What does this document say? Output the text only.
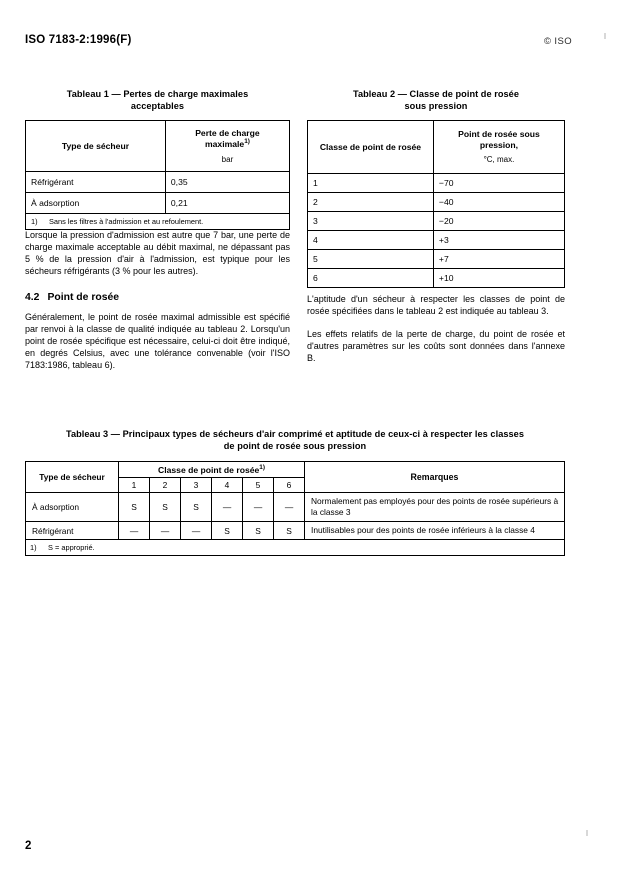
ISO 7183-2:1996(F)	© ISO
Tableau 1 — Pertes de charge maximales
acceptables
Type de sécheur	Perte de charge
maximale$^{1)}$
bar

Réfrigérant	0,35
À adsorption	0,21
1) Sans les filtres à l'admission et au refoulement.	
Tableau 2 — Classe de point de rosée
sous pression
Classe de point de rosée	Point de rosée sous
pression,
°C, max.

1	−70
2	−40
3	−20
4	+3
5	+7
6	+10

Lorsque la pression d'admission est autre que 7 bar, une perte de charge maximale acceptable au débit maximal, ne dépassant pas 5 % de la pression d'air à l'admission, est typique pour les sécheurs réfrigérants (3 % pour les autres).

4.2 Point de rosée

Généralement, le point de rosée maximal admissible est spécifié par renvoi à la classe de qualité indiquée au tableau 2. Lorsqu'un point de rosée spécifique est nécessaire, celui-ci doit être indiqué, en degrés Celsius, avec une tolérance convenable (voir l'ISO 7183:1986, tableau 6).

L'aptitude d'un sécheur à respecter les classes de point de rosée spécifiées dans le tableau 2 est indiquée au tableau 3.

Les effets relatifs de la perte de charge, du point de rosée et d'autres paramètres sur les coûts sont données dans l'annexe B.

Tableau 3 — Principaux types de sécheurs d'air comprimé et aptitude de ceux-ci à respecter les classes
de point de rosée sous pression
Type de sécheur	Classe de point de rosée$^{1)}$						Remarques
	1	2	3	4	5	6	
À adsorption	S	S	S	—	—	—	Normalement pas employés pour des points de rosée supérieurs à la classe 3
Réfrigérant	—	—	—	S	S	S	Inutilisables pour des points de rosée inférieurs à la classe 4
1) S = approprié.							
2
